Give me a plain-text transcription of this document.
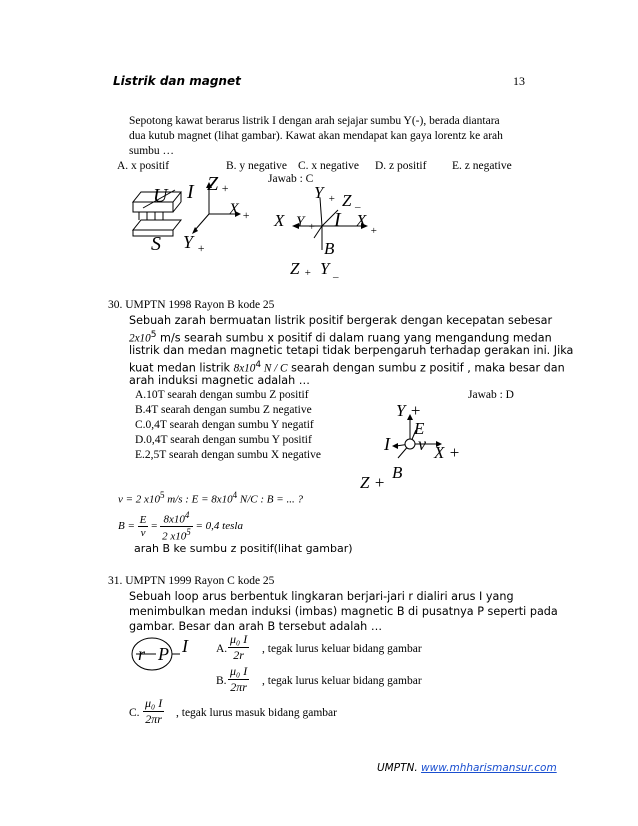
Listrik dan magnet	13
Sepotong kawat berarus listrik I dengan arah sejajar sumbu Y(-), berada diantara
dua kutub magnet (lihat gambar). Kawat akan mendapat kan gaya lorentz ke arah
sumbu …
A. x positif	B. y negative C. x negative D. z positif E. z negative
Jawab : C
U I Z +
X +
S Y +
Y + Z _
X Y + I X
+
B
Z + Y _
30. UMPTN 1998 Rayon B kode 25
Sebuah zarah bermuatan listrik positif bergerak dengan kecepatan sebesar
$2x10^5$ m/s searah sumbu x positif di dalam ruang yang mengandung medan
listrik dan medan magnetic tetapi tidak berpengaruh terhadap gerakan ini. Jika
kuat medan listrik $8x10^4$ N / C searah dengan sumbu z positif , maka besar dan
arah induksi magnetic adalah …
A.10T searah dengan sumbu Z positif
B.4T searah dengan sumbu Z negative
C.0,4T searah dengan sumbu Y negatif
D.0,4T searah dengan sumbu Y positif
E.2,5T searah dengan sumbu X negative
Jawab : D
Y +
E
I v X +
B
Z +
v = 2 $x10^5$ m/s : $E = 8x10^4$ N/C : B = ... ?
$B = \frac{E}{v} = \frac{8x10^4}{2 x10^5} = 0,4$ tesla
arah B ke sumbu z positif(lihat gambar)
31. UMPTN 1999 Rayon C kode 25
Sebuah loop arus berbentuk lingkaran berjari-jari r dialiri arus I yang
menimbulkan medan induksi (imbas) magnetic B di pusatnya P seperti pada
gambar. Besar dan arah B tersebut adalah …
r P I A. $\frac{\text{μ₀ I}}{2r}$ , tegak lurus keluar bidang gambar
B. $\frac{\text{μ₀ I}}{2\pi r}$ , tegak lurus keluar bidang gambar
C. $\frac{\text{μ₀ I}}{2\pi r}$ , tegak lurus masuk bidang gambar
UMPTN. www.mhharismansur.com
